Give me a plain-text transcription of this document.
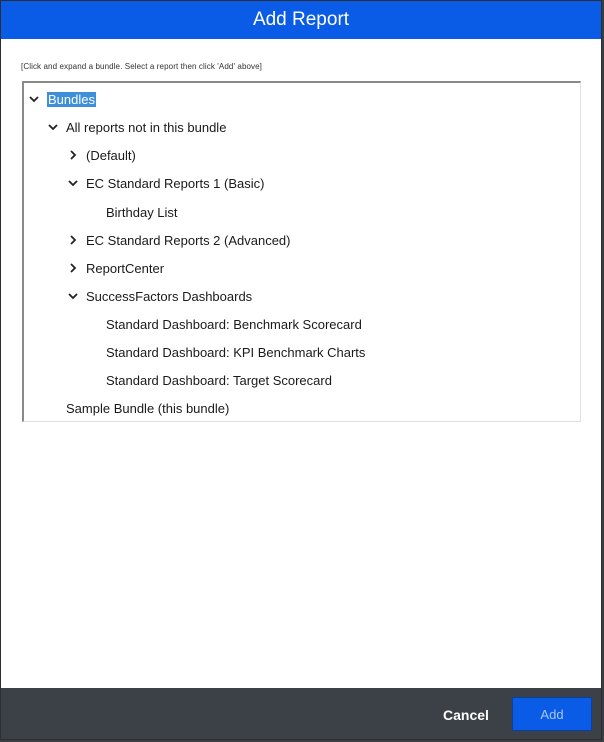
Add Report
[Click and expand a bundle. Select a report then click 'Add' above]
Bundles
All reports not in this bundle
(Default)
EC Standard Reports 1 (Basic)
Birthday List
EC Standard Reports 2 (Advanced)
ReportCenter
SuccessFactors Dashboards
Standard Dashboard: Benchmark Scorecard
Standard Dashboard: KPI Benchmark Charts
Standard Dashboard: Target Scorecard
Sample Bundle (this bundle)
Cancel	Add
